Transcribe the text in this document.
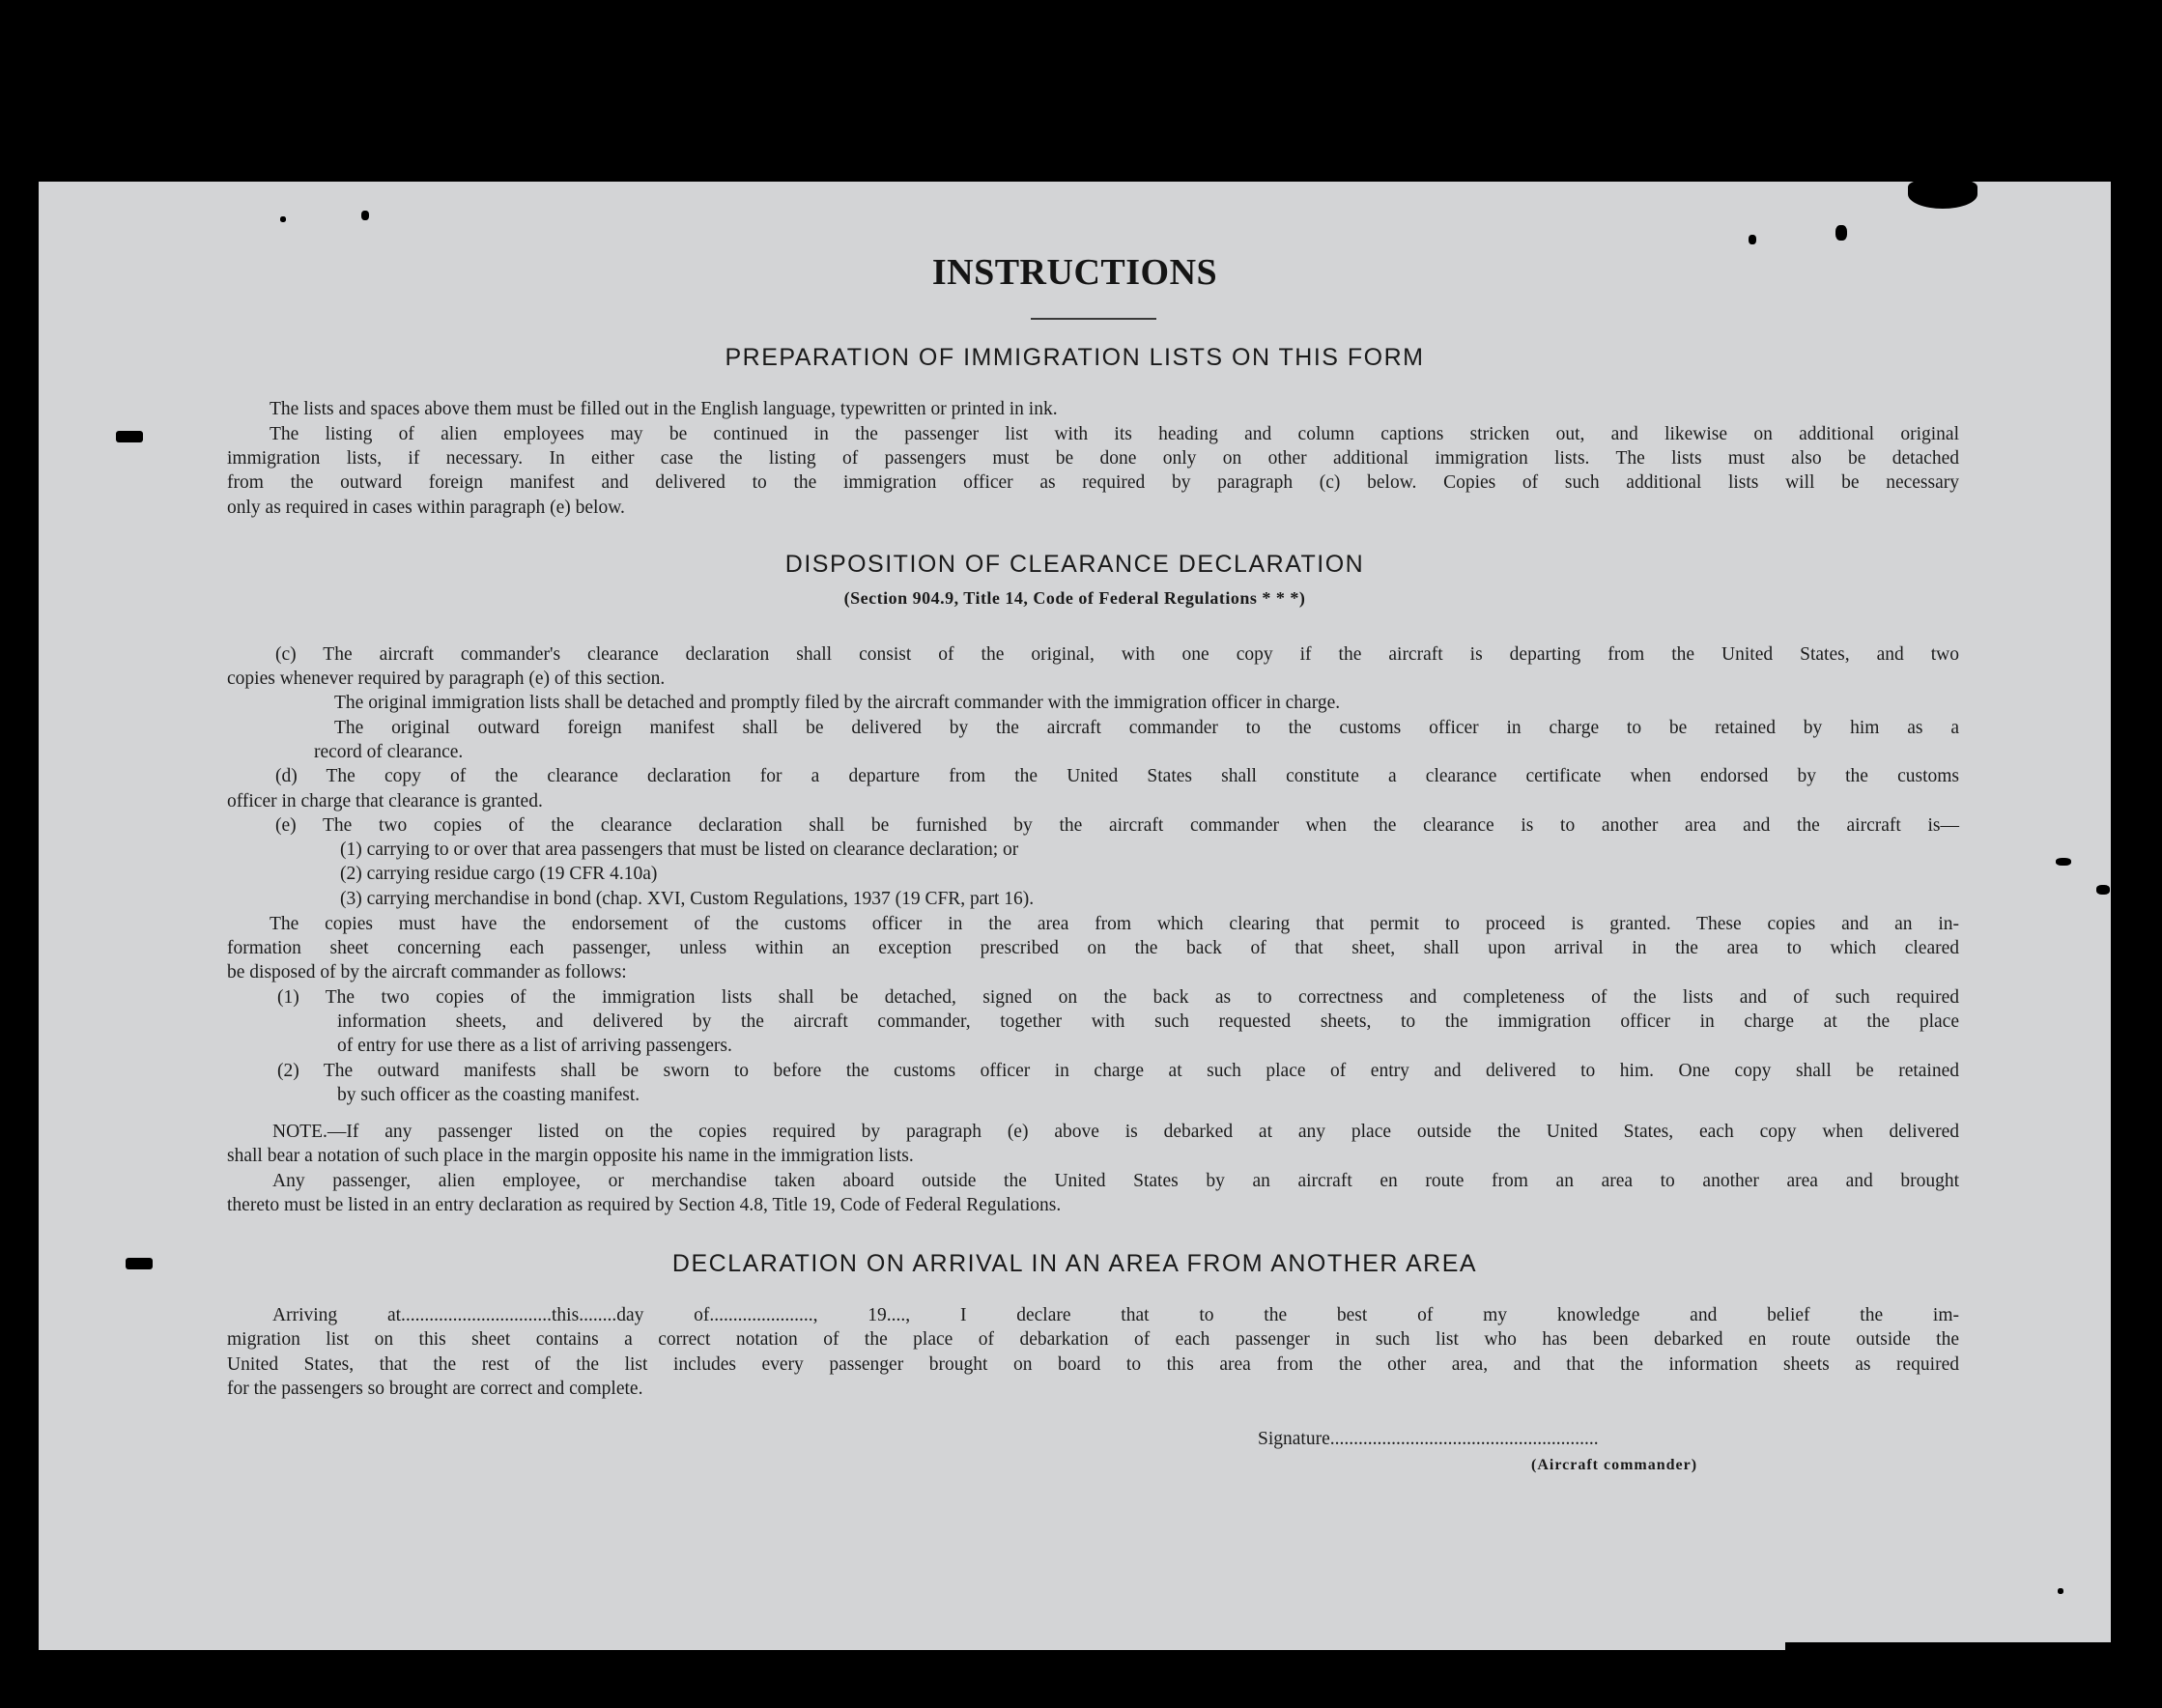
INSTRUCTIONS
PREPARATION OF IMMIGRATION LISTS ON THIS FORM
The lists and spaces above them must be filled out in the English language, typewritten or printed in ink.
The listing of alien employees may be continued in the passenger list with its heading and column captions stricken out, and likewise on additional original
immigration lists, if necessary. In either case the listing of passengers must be done only on other additional immigration lists. The lists must also be detached
from the outward foreign manifest and delivered to the immigration officer as required by paragraph (c) below. Copies of such additional lists will be necessary
only as required in cases within paragraph (e) below.
DISPOSITION OF CLEARANCE DECLARATION
(Section 904.9, Title 14, Code of Federal Regulations * * *)
(c) The aircraft commander's clearance declaration shall consist of the original, with one copy if the aircraft is departing from the United States, and two
copies whenever required by paragraph (e) of this section.
The original immigration lists shall be detached and promptly filed by the aircraft commander with the immigration officer in charge.
The original outward foreign manifest shall be delivered by the aircraft commander to the customs officer in charge to be retained by him as a
record of clearance.
(d) The copy of the clearance declaration for a departure from the United States shall constitute a clearance certificate when endorsed by the customs
officer in charge that clearance is granted.
(e) The two copies of the clearance declaration shall be furnished by the aircraft commander when the clearance is to another area and the aircraft is—
(1) carrying to or over that area passengers that must be listed on clearance declaration; or
(2) carrying residue cargo (19 CFR 4.10a)
(3) carrying merchandise in bond (chap. XVI, Custom Regulations, 1937 (19 CFR, part 16).
The copies must have the endorsement of the customs officer in the area from which clearing that permit to proceed is granted. These copies and an in-
formation sheet concerning each passenger, unless within an exception prescribed on the back of that sheet, shall upon arrival in the area to which cleared
be disposed of by the aircraft commander as follows:
(1) The two copies of the immigration lists shall be detached, signed on the back as to correctness and completeness of the lists and of such required
information sheets, and delivered by the aircraft commander, together with such requested sheets, to the immigration officer in charge at the place
of entry for use there as a list of arriving passengers.
(2) The outward manifests shall be sworn to before the customs officer in charge at such place of entry and delivered to him. One copy shall be retained
by such officer as the coasting manifest.
NOTE.—If any passenger listed on the copies required by paragraph (e) above is debarked at any place outside the United States, each copy when delivered
shall bear a notation of such place in the margin opposite his name in the immigration lists.
Any passenger, alien employee, or merchandise taken aboard outside the United States by an aircraft en route from an area to another area and brought
thereto must be listed in an entry declaration as required by Section 4.8, Title 19, Code of Federal Regulations.
DECLARATION ON ARRIVAL IN AN AREA FROM ANOTHER AREA
Arriving at................................this........day of......................, 19...., I declare that to the best of my knowledge and belief the im-
migration list on this sheet contains a correct notation of the place of debarkation of each passenger in such list who has been debarked en route outside the
United States, that the rest of the list includes every passenger brought on board to this area from the other area, and that the information sheets as required
for the passengers so brought are correct and complete.
Signature.........................................................
(Aircraft commander)
